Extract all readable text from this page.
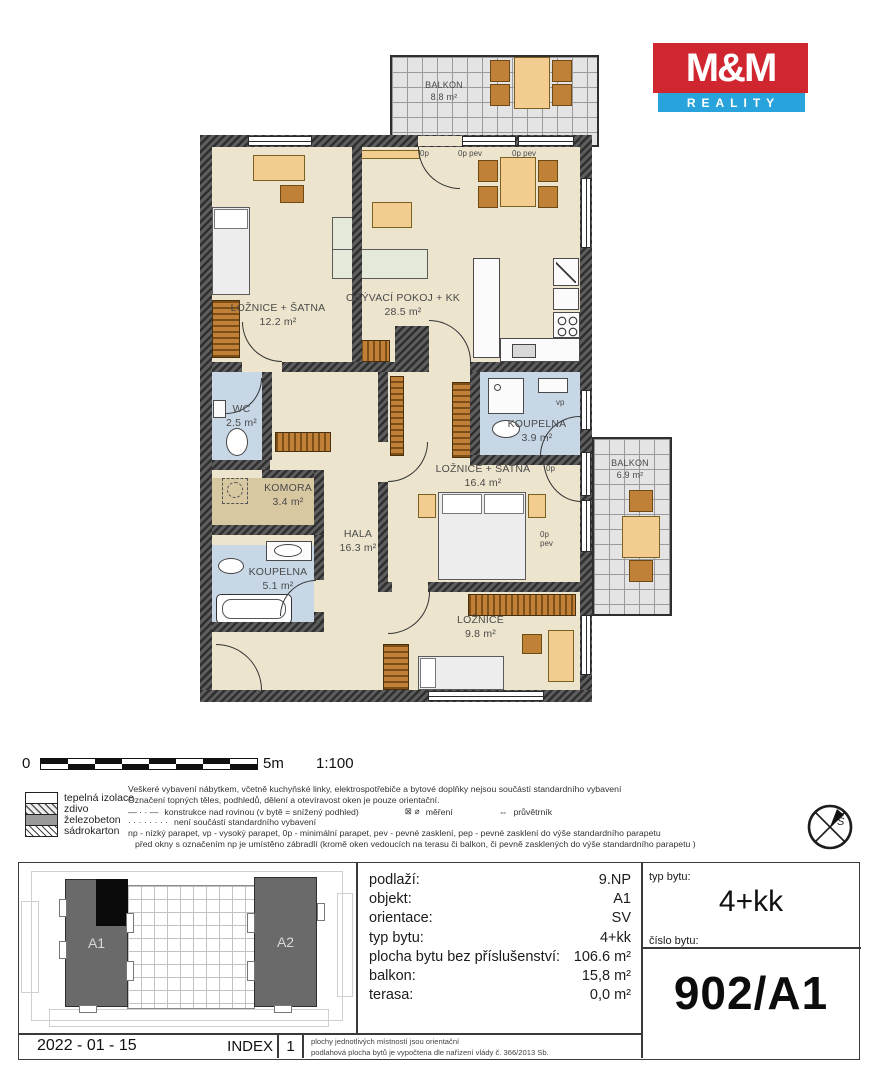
M&M
REALITY
BALKON
8.8 m²
BALKON
6.9 m²
LOŽNICE + ŠATNA
12.2 m²
OBÝVACÍ POKOJ + KK
28.5 m²
WC
2.5 m²	KOUPELNA
3.9 m²
KOMORA
3.4 m²
HALA
16.3 m²
LOŽNICE + ŠATNA
16.4 m²
KOUPELNA
5.1 m²
LOŽNICE
9.8 m²
0p	0p pev	0p pev
vp
0p
0p pev
0	5m 1:100
tepelná izolace
zdivo
železobeton
sádrokarton
Veškeré vybavení nábytkem, včetně kuchyňské linky, elektrospotřebiče a bytové doplňky nejsou součástí standardního vybavení
Označení topných těles, podhledů, dělení a otevíravost oken je pouze orientační.
— · · — konstrukce nad rovinou (v bytě = snížený podhled)	⊠ ⌀ měření	⇔ průvětrník
· · · · · · · · není součástí standardního vybavení
np - nízký parapet, vp - vysoký parapet, 0p - minimální parapet, pev - pevné zasklení, pep - pevné zasklení do výše standardního parapetu
před okny s označením np je umístěno zábradlí (kromě oken vedoucích na terasu či balkon, či pevně zasklených do výše standardního parapetu )
S
A1	A2
podlaží:	9.NP
objekt:	A1
orientace:	SV
typ bytu:	4+kk
plocha bytu bez příslušenství: 106.6 m²
balkon:	15,8 m²
terasa:	0,0 m²
typ bytu:
4+kk
číslo bytu:
902/A1
2022 - 01 - 15	INDEX 1	plochy jednotlivých místností jsou orientační
podlahová plocha bytů je vypočtena dle nařízení vlády č. 366/2013 Sb.
